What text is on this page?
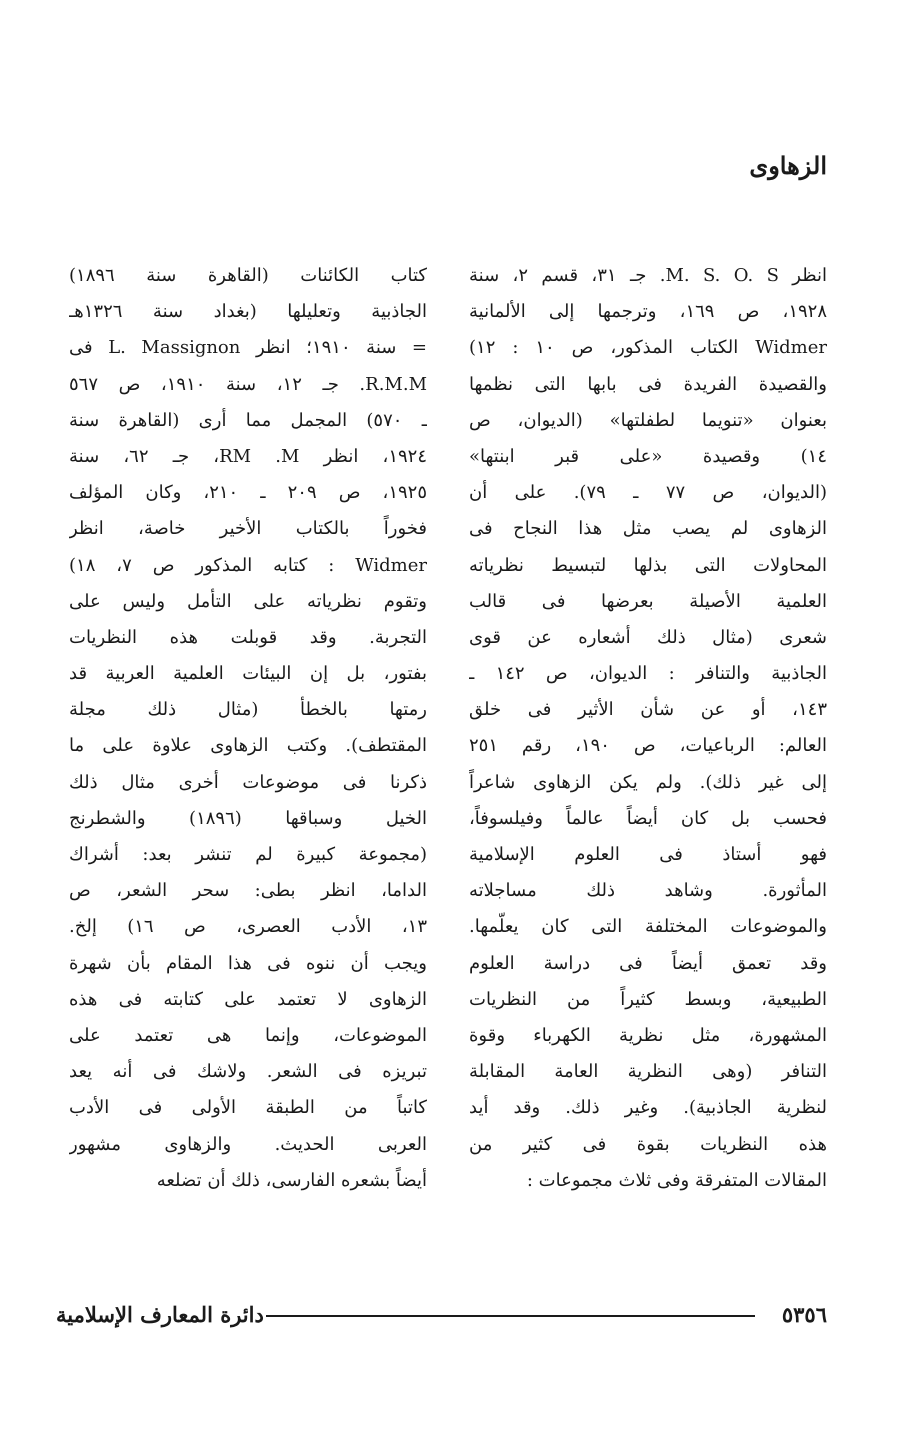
الزهاوى
انظر M. S. O. S. جـ ٣١، قسم ٢، سنة
١٩٢٨، ص ١٦٩، وترجمها إلى الألمانية
Widmer الكتاب المذكور، ص ١٠ : ١٢)
والقصيدة الفريدة فى بابها التى نظمها
بعنوان «تنويما لطفلتها» (الديوان، ص
١٤) وقصيدة «على قبر ابنتها»
(الديوان، ص ٧٧ ـ ٧٩). على أن
الزهاوى لم يصب مثل هذا النجاح فى
المحاولات التى بذلها لتبسيط نظرياته
العلمية الأصيلة بعرضها فى قالب
شعرى (مثال ذلك أشعاره عن قوى
الجاذبية والتنافر : الديوان، ص ١٤٢ ـ
١٤٣، أو عن شأن الأثير فى خلق
العالم: الرباعيات، ص ١٩٠، رقم ٢٥١
إلى غير ذلك). ولم يكن الزهاوى شاعراً
فحسب بل كان أيضاً عالماً وفيلسوفاً،
فهو أستاذ فى العلوم الإسلامية
المأثورة. وشاهد ذلك مساجلاته
والموضوعات المختلفة التى كان يعلّمها.
وقد تعمق أيضاً فى دراسة العلوم
الطبيعية، وبسط كثيراً من النظريات
المشهورة، مثل نظرية الكهرباء وقوة
التنافر (وهى النظرية العامة المقابلة
لنظرية الجاذبية). وغير ذلك. وقد أيد
هذه النظريات بقوة فى كثير من
المقالات المتفرقة وفى ثلاث مجموعات :
كتاب الكائنات (القاهرة سنة ١٨٩٦)
الجاذبية وتعليلها (بغداد سنة ١٣٢٦هـ
= سنة ١٩١٠؛ انظر L. Massignon فى
R.M.M. جـ ١٢، سنة ١٩١٠، ص ٥٦٧
ـ ٥٧٠) المجمل مما أرى (القاهرة سنة
١٩٢٤، انظر RM .M، جـ ٦٢، سنة
١٩٢٥، ص ٢٠٩ ـ ٢١٠، وكان المؤلف
فخوراً بالكتاب الأخير خاصة، انظر
Widmer : كتابه المذكور ص ٧، ١٨)
وتقوم نظرياته على التأمل وليس على
التجربة. وقد قوبلت هذه النظريات
بفتور، بل إن البيئات العلمية العربية قد
رمتها بالخطأ (مثال ذلك مجلة
المقتطف). وكتب الزهاوى علاوة على ما
ذكرنا فى موضوعات أخرى مثال ذلك
الخيل وسباقها (١٨٩٦) والشطرنج
(مجموعة كبيرة لم تنشر بعد: أشراك
الداما، انظر بطى: سحر الشعر، ص
١٣، الأدب العصرى، ص ١٦) إلخ.
ويجب أن ننوه فى هذا المقام بأن شهرة
الزهاوى لا تعتمد على كتابته فى هذه
الموضوعات، وإنما هى تعتمد على
تبريزه فى الشعر. ولاشك فى أنه يعد
كاتباً من الطبقة الأولى فى الأدب
العربى الحديث. والزهاوى مشهور
أيضاً بشعره الفارسى، ذلك أن تضلعه
دائرة المعارف الإسلامية	٥٣٥٦
